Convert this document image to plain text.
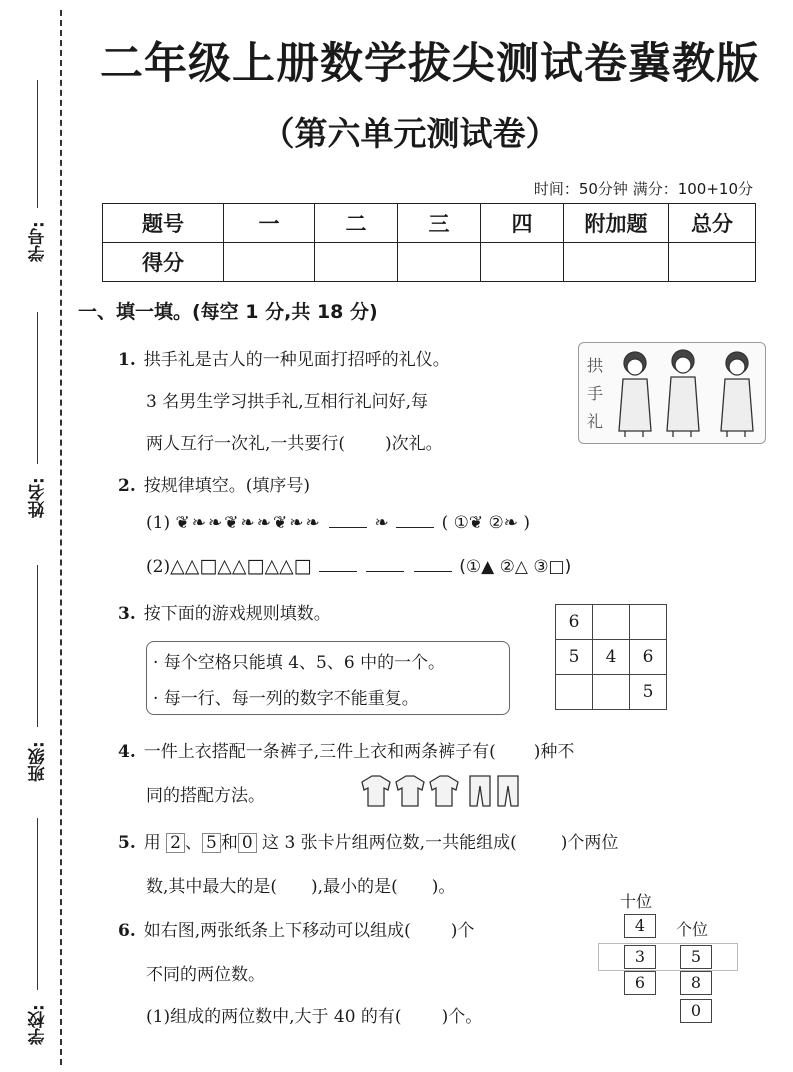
学号:
姓名:
班级:
学校:
二年级上册数学拔尖测试卷冀教版
（第六单元测试卷）
时间：50分钟 满分：100+10分
题号	一	二	三	四	附加题	总分
得分						
一、填一填。(每空 1 分,共 18 分)
1. 拱手礼是古人的一种见面打招呼的礼仪。
3 名男生学习拱手礼,互相行礼问好,每
两人互行一次礼,一共要行( )次礼。
拱
手
礼
2. 按规律填空。(填序号)
(1) ❦❧❧❦❧❧❦❧❧	❧	( ①❦ ②❧ )
(2)△△□△△□△△□	(①▲ ②△ ③□)
3. 按下面的游戏规则填数。
· 每个空格只能填 4、5、6 中的一个。
· 每一行、每一列的数字不能重复。
6		
5	4	6
		5
4. 一件上衣搭配一条裤子,三件上衣和两条裤子有( )种不
同的搭配方法。
5. 用 2 、 5 和 0 这 3 张卡片组两位数,一共能组成(	)个两位
数,其中最大的是( ),最小的是( )。
6. 如右图,两张纸条上下移动可以组成( )个
不同的两位数。
(1)组成的两位数中,大于 40 的有( )个。
十位
个位
4
3
6
5
8
0
